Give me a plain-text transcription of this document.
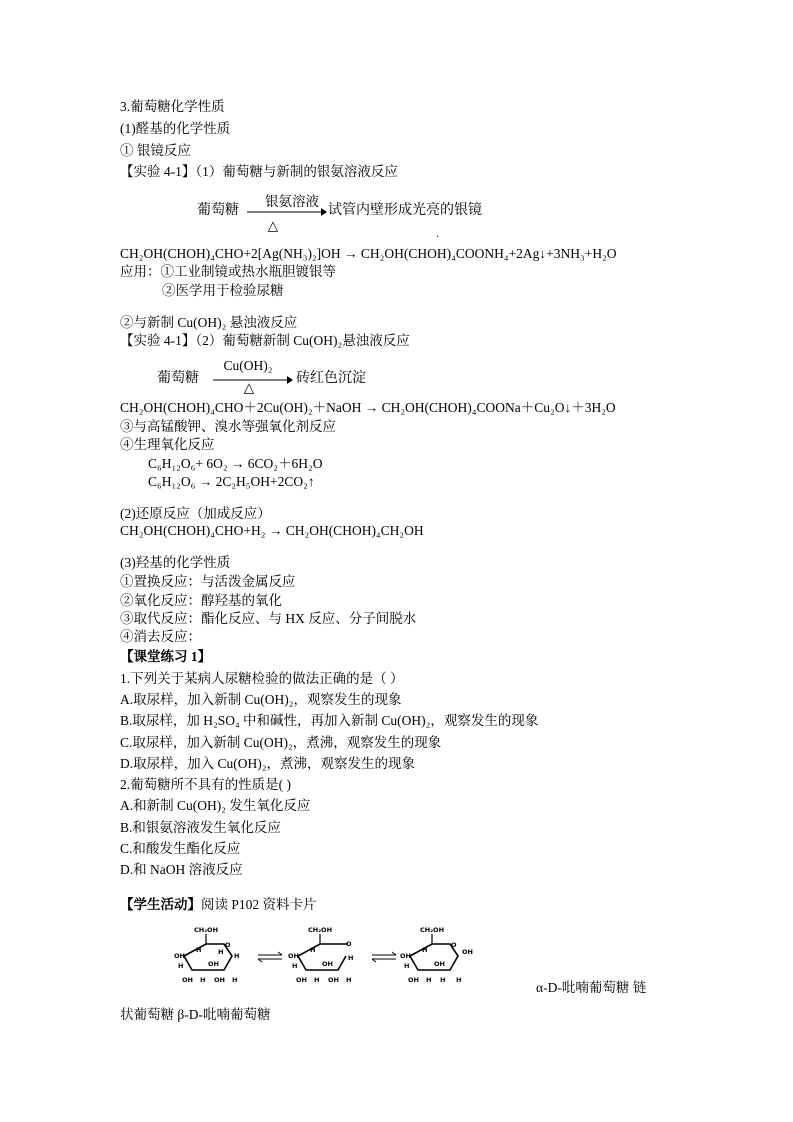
3.葡萄糖化学性质
(1)醛基的化学性质
① 银镜反应
【实验 4-1】（1）葡萄糖与新制的银氨溶液反应
葡萄糖
银氨溶液
△
试管内壁形成光亮的银镜
.
CH₂OH(CHOH)₄CHO+2[Ag(NH₃)₂]OH → CH₂OH(CHOH)₄COONH₄+2Ag↓+3NH₃+H₂O
应用：①工业制镜或热水瓶胆镀银等
②医学用于检验尿糖
②与新制 Cu(OH)₂ 悬浊液反应
【实验 4-1】（2）葡萄糖新制 Cu(OH)₂悬浊液反应
葡萄糖
Cu(OH)₂
△
砖红色沉淀
CH₂OH(CHOH)₄CHO＋2Cu(OH)₂＋NaOH → CH₂OH(CHOH)₄COONa＋Cu₂O↓＋3H₂O
③与高锰酸钾、溴水等强氧化剂反应
④生理氧化反应
C₆H₁₂O₆+ 6O₂ → 6CO₂＋6H₂O
C₆H₁₂O₆ → 2C₂H₅OH+2CO₂↑
(2)还原反应（加成反应）
CH₂OH(CHOH)₄CHO+H₂ → CH₂OH(CHOH)₄CH₂OH
(3)羟基的化学性质
①置换反应：与活泼金属反应
②氧化反应：醇羟基的氧化
③取代反应：酯化反应、与 HX 反应、分子间脱水
④消去反应：
【课堂练习 1】
1.下列关于某病人尿糖检验的做法正确的是（ ）
A.取尿样，加入新制 Cu(OH)₂，观察发生的现象
B.取尿样，加 H₂SO₄ 中和碱性，再加入新制 Cu(OH)₂，观察发生的现象
C.取尿样，加入新制 Cu(OH)₂，煮沸，观察发生的现象
D.取尿样，加入 Cu(OH)₂，煮沸，观察发生的现象
2.葡萄糖所不具有的性质是( )
A.和新制 Cu(OH)₂ 发生氧化反应
B.和银氨溶液发生氧化反应
C.和酸发生酯化反应
D.和 NaOH 溶液反应
【学生活动】阅读 P102 资料卡片
CH₂OH
O
H	H
OH	H
H	OH
OH H OH H
CH₂OH
O
H
OH	H
H	OH
OH H OH H
CH₂OH
O
H	OH
OH
H	OH
OH H H H	α-D-吡喃葡萄糖 链
状葡萄糖 β-D-吡喃葡萄糖
